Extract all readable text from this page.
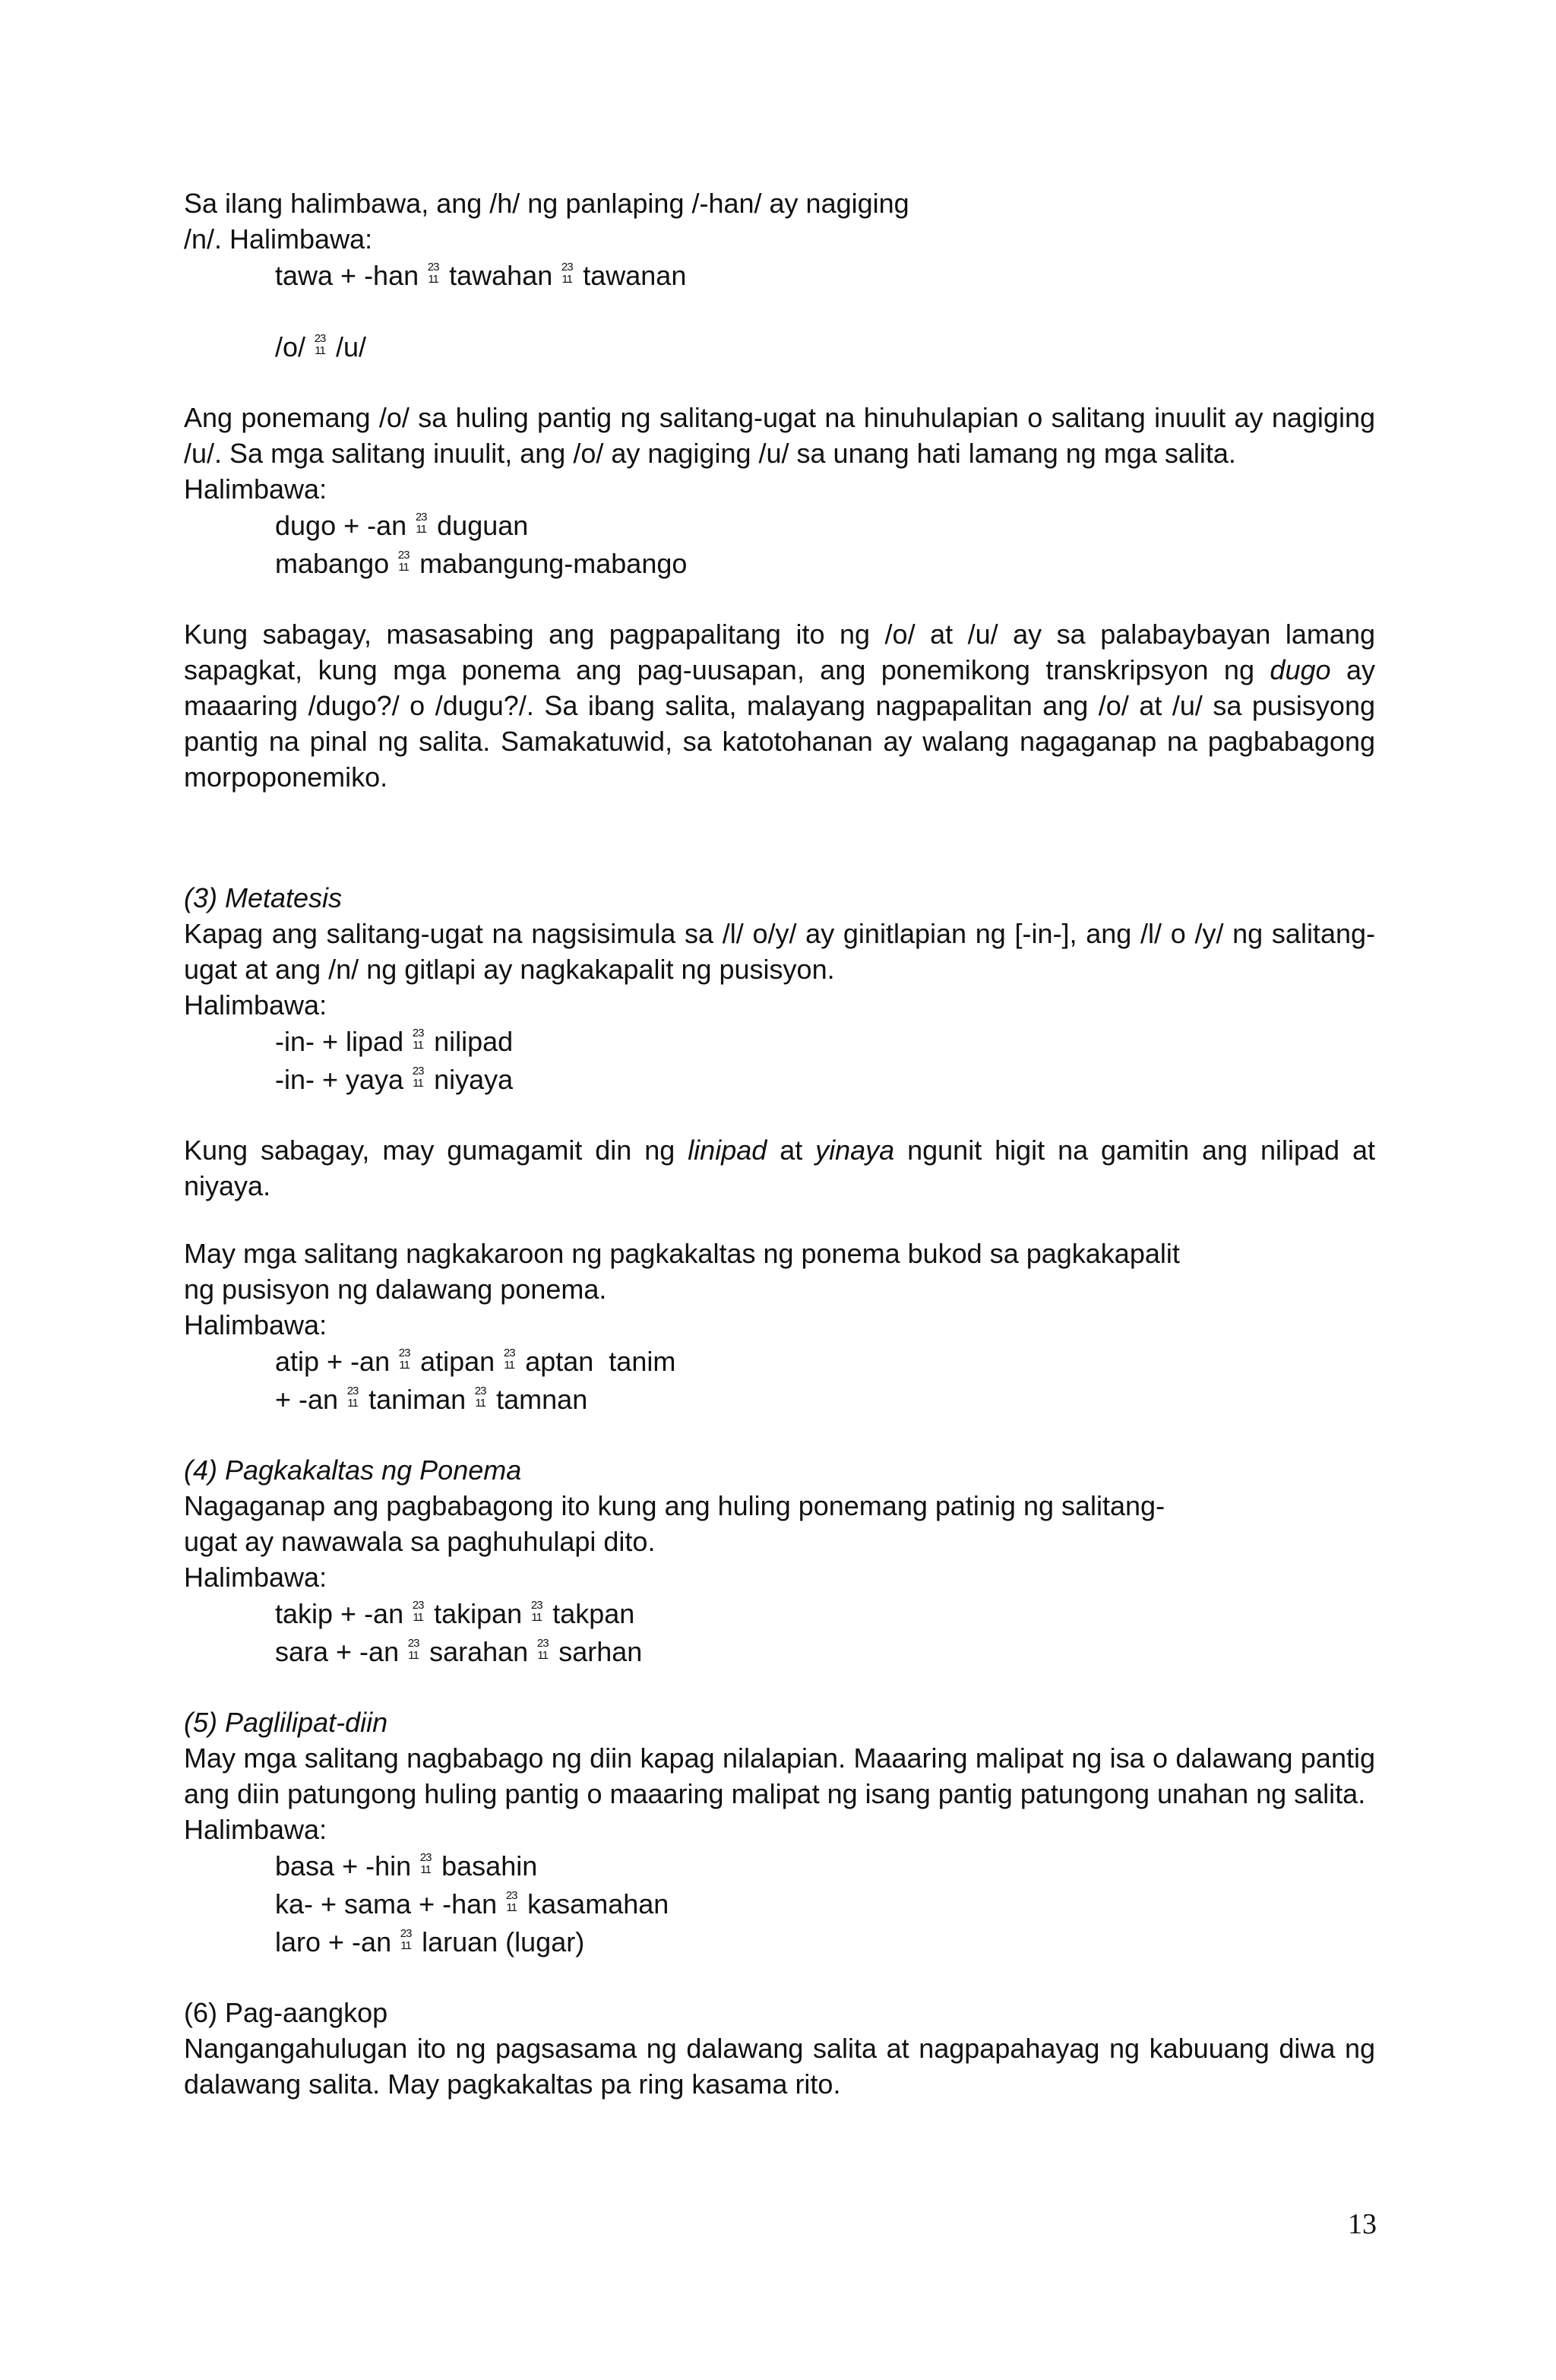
Sa ilang halimbawa, ang /h/ ng panlaping /-han/ ay nagiging
/n/. Halimbawa:

tawa + -han 23
11 tawahan 23
11 tawanan

/o/ 23
11 /u/

Ang ponemang /o/ sa huling pantig ng salitang-ugat na hinuhulapian o salitang inuulit ay nagiging /u/. Sa mga salitang inuulit, ang /o/ ay nagiging /u/ sa unang hati lamang ng mga salita.

Halimbawa:

dugo + -an 23
11 duguan

mabango 23
11 mabangung-mabango

Kung sabagay, masasabing ang pagpapalitang ito ng /o/ at /u/ ay sa palabaybayan lamang sapagkat, kung mga ponema ang pag-uusapan, ang ponemikong transkripsyon ng dugo ay maaaring /dugo?/ o /dugu?/. Sa ibang salita, malayang nagpapalitan ang /o/ at /u/ sa pusisyong pantig na pinal ng salita. Samakatuwid, sa katotohanan ay walang nagaganap na pagbabagong morpoponemiko.

(3) Metatesis

Kapag ang salitang-ugat na nagsisimula sa /l/ o/y/ ay ginitlapian ng [-in-], ang /l/ o /y/ ng salitang-ugat at ang /n/ ng gitlapi ay nagkakapalit ng pusisyon.

Halimbawa:

-in- + lipad 23
11 nilipad

-in- + yaya 23
11 niyaya

Kung sabagay, may gumagamit din ng linipad at yinaya ngunit higit na gamitin ang nilipad at niyaya.

May mga salitang nagkakaroon ng pagkakaltas ng ponema bukod sa pagkakapalit
ng pusisyon ng dalawang ponema.

Halimbawa:

atip + -an 23
11 atipan 23
11 aptan  tanim

+ -an 23
11 taniman 23
11 tamnan

(4) Pagkakaltas ng Ponema

Nagaganap ang pagbabagong ito kung ang huling ponemang patinig ng salitang-
ugat ay nawawala sa paghuhulapi dito.

Halimbawa:

takip + -an 23
11 takipan 23
11 takpan

sara + -an 23
11 sarahan 23
11 sarhan

(5) Paglilipat-diin

May mga salitang nagbabago ng diin kapag nilalapian. Maaaring malipat ng isa o dalawang pantig ang diin patungong huling pantig o maaaring malipat ng isang pantig patungong unahan ng salita.

Halimbawa:

basa + -hin 23
11 basahin

ka- + sama + -han 23
11 kasamahan

laro + -an 23
11 laruan (lugar)

(6) Pag-aangkop

Nangangahulugan ito ng pagsasama ng dalawang salita at nagpapahayag ng kabuuang diwa ng dalawang salita. May pagkakaltas pa ring kasama rito.

13
